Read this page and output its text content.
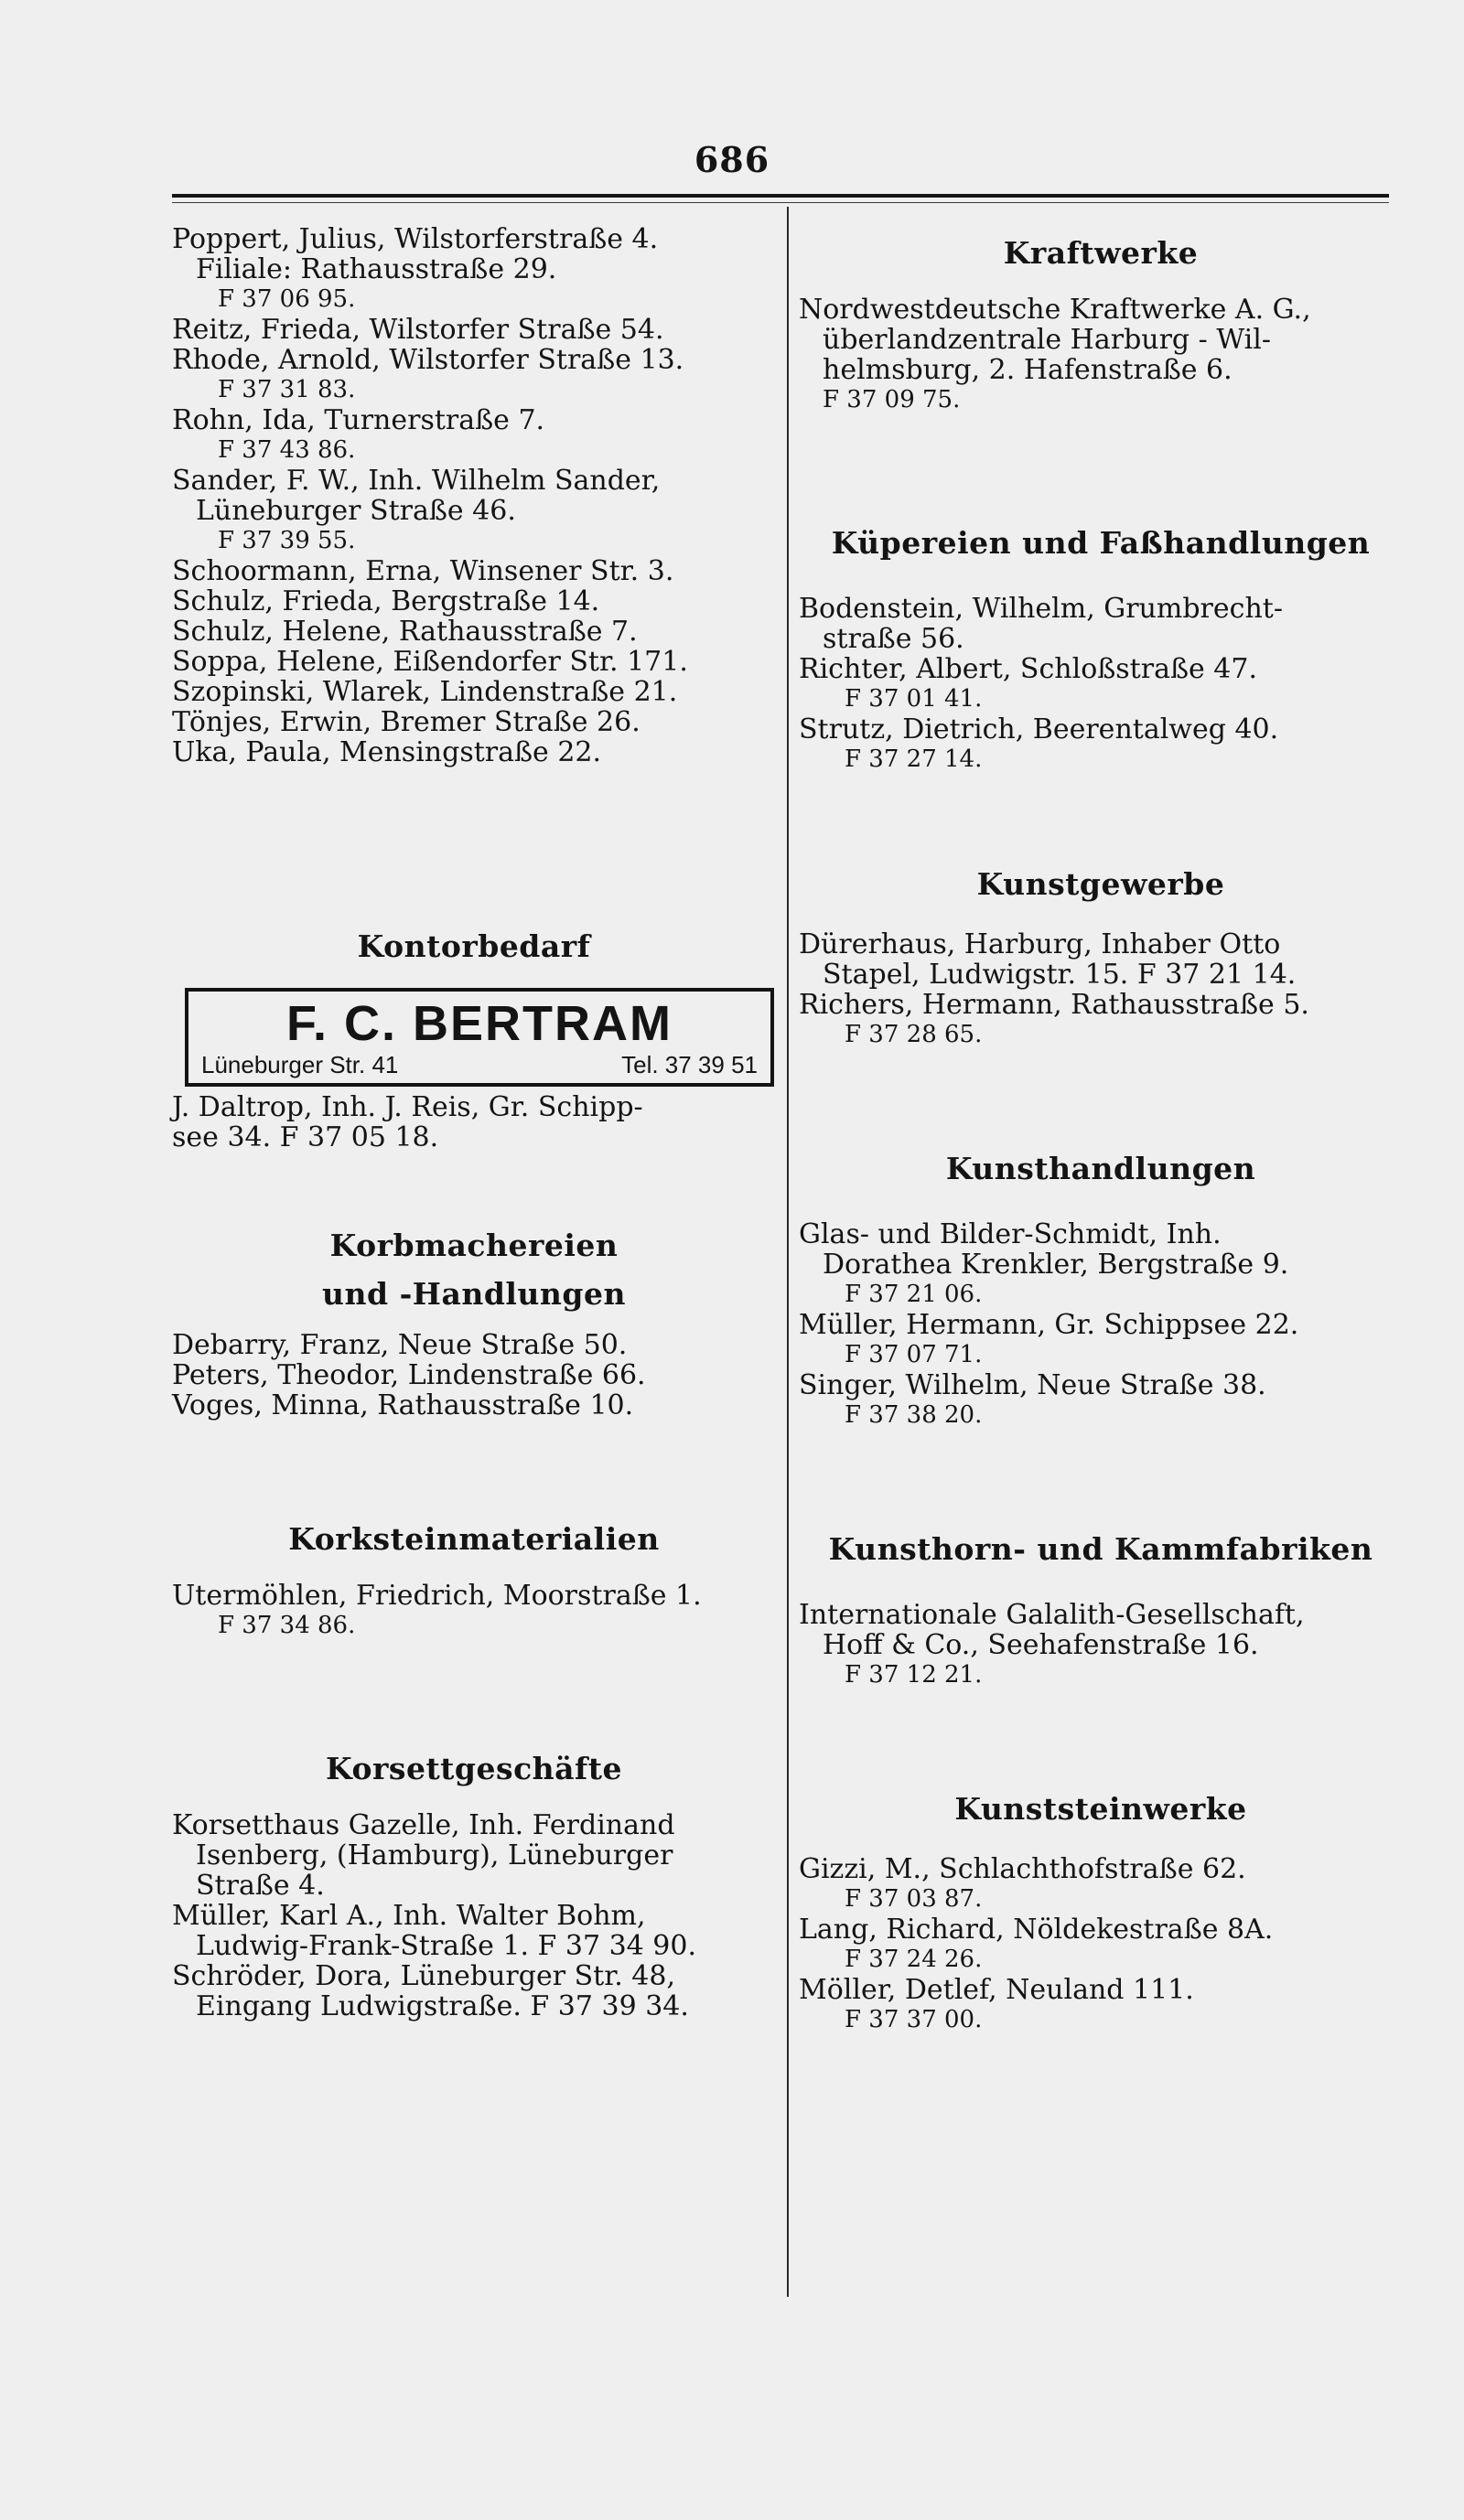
686

Poppert, Julius, Wilstorferstraße 4.

Filiale: Rathausstraße 29.

F 37 06 95.

Reitz, Frieda, Wilstorfer Straße 54.

Rhode, Arnold, Wilstorfer Straße 13.

F 37 31 83.

Rohn, Ida, Turnerstraße 7.

F 37 43 86.

Sander, F. W., Inh. Wilhelm Sander,

Lüneburger Straße 46.

F 37 39 55.

Schoormann, Erna, Winsener Str. 3.

Schulz, Frieda, Bergstraße 14.

Schulz, Helene, Rathausstraße 7.

Soppa, Helene, Eißendorfer Str. 171.

Szopinski, Wlarek, Lindenstraße 21.

Tönjes, Erwin, Bremer Straße 26.

Uka, Paula, Mensingstraße 22.

Kontorbedarf
F. C. BERTRAM
Lüneburger Str. 41	Tel. 37 39 51

J. Daltrop, Inh. J. Reis, Gr. Schipp-

see 34. F 37 05 18.

Korbmachereien
und -Handlungen

Debarry, Franz, Neue Straße 50.

Peters, Theodor, Lindenstraße 66.

Voges, Minna, Rathausstraße 10.

Korksteinmaterialien

Utermöhlen, Friedrich, Moorstraße 1.

F 37 34 86.

Korsettgeschäfte

Korsetthaus Gazelle, Inh. Ferdinand

Isenberg, (Hamburg), Lüneburger

Straße 4.

Müller, Karl A., Inh. Walter Bohm,

Ludwig-Frank-Straße 1. F 37 34 90.

Schröder, Dora, Lüneburger Str. 48,

Eingang Ludwigstraße. F 37 39 34.

Kraftwerke

Nordwestdeutsche Kraftwerke A. G.,

überlandzentrale Harburg - Wil-

helmsburg, 2. Hafenstraße 6.

F 37 09 75.

Küpereien und Faßhandlungen

Bodenstein, Wilhelm, Grumbrecht-

straße 56.

Richter, Albert, Schloßstraße 47.

F 37 01 41.

Strutz, Dietrich, Beerentalweg 40.

F 37 27 14.

Kunstgewerbe

Dürerhaus, Harburg, Inhaber Otto

Stapel, Ludwigstr. 15. F 37 21 14.

Richers, Hermann, Rathausstraße 5.

F 37 28 65.

Kunsthandlungen

Glas- und Bilder-Schmidt, Inh.

Dorathea Krenkler, Bergstraße 9.

F 37 21 06.

Müller, Hermann, Gr. Schippsee 22.

F 37 07 71.

Singer, Wilhelm, Neue Straße 38.

F 37 38 20.

Kunsthorn- und Kammfabriken

Internationale Galalith-Gesellschaft,

Hoff & Co., Seehafenstraße 16.

F 37 12 21.

Kunststeinwerke

Gizzi, M., Schlachthofstraße 62.

F 37 03 87.

Lang, Richard, Nöldekestraße 8A.

F 37 24 26.

Möller, Detlef, Neuland 111.

F 37 37 00.
